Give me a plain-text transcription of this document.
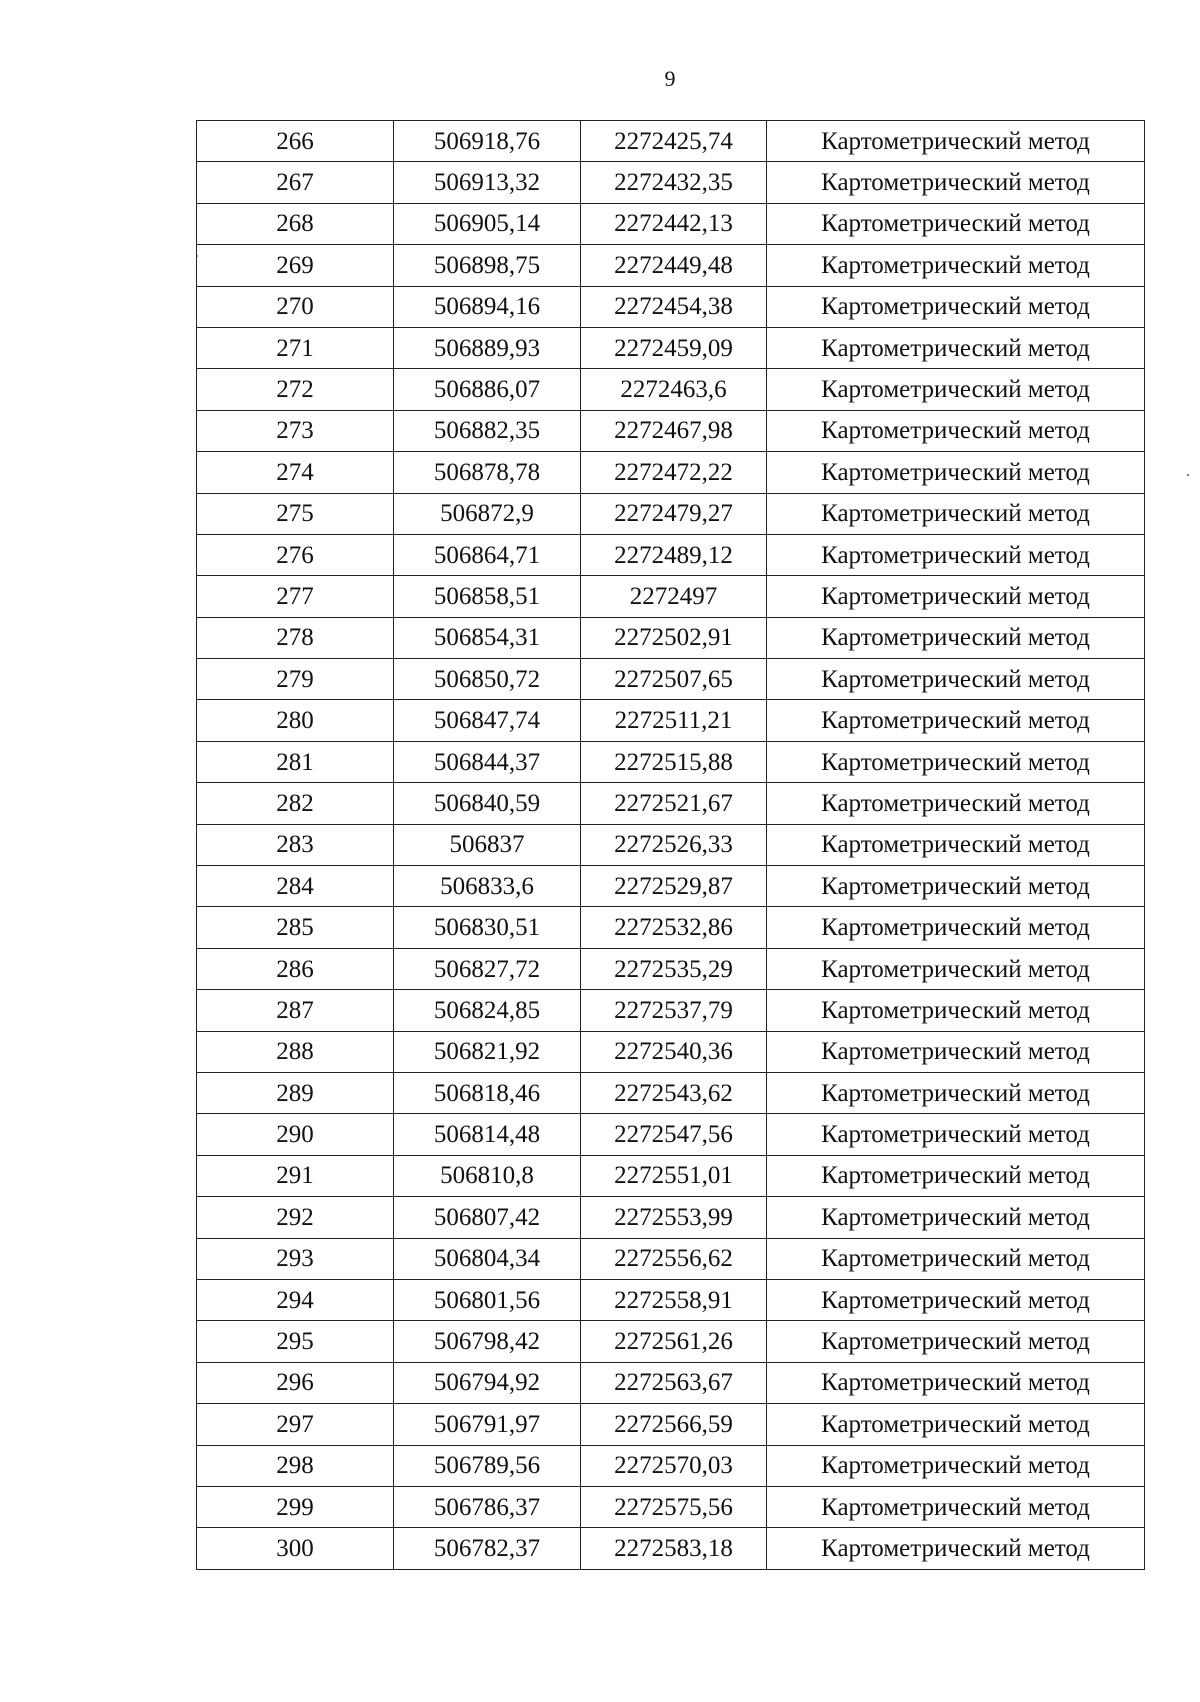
9
266	506918,76	2272425,74	Картометрический метод
267	506913,32	2272432,35	Картометрический метод
268	506905,14	2272442,13	Картометрический метод
269	506898,75	2272449,48	Картометрический метод
270	506894,16	2272454,38	Картометрический метод
271	506889,93	2272459,09	Картометрический метод
272	506886,07	2272463,6	Картометрический метод
273	506882,35	2272467,98	Картометрический метод
274	506878,78	2272472,22	Картометрический метод
275	506872,9	2272479,27	Картометрический метод
276	506864,71	2272489,12	Картометрический метод
277	506858,51	2272497	Картометрический метод
278	506854,31	2272502,91	Картометрический метод
279	506850,72	2272507,65	Картометрический метод
280	506847,74	2272511,21	Картометрический метод
281	506844,37	2272515,88	Картометрический метод
282	506840,59	2272521,67	Картометрический метод
283	506837	2272526,33	Картометрический метод
284	506833,6	2272529,87	Картометрический метод
285	506830,51	2272532,86	Картометрический метод
286	506827,72	2272535,29	Картометрический метод
287	506824,85	2272537,79	Картометрический метод
288	506821,92	2272540,36	Картометрический метод
289	506818,46	2272543,62	Картометрический метод
290	506814,48	2272547,56	Картометрический метод
291	506810,8	2272551,01	Картометрический метод
292	506807,42	2272553,99	Картометрический метод
293	506804,34	2272556,62	Картометрический метод
294	506801,56	2272558,91	Картометрический метод
295	506798,42	2272561,26	Картометрический метод
296	506794,92	2272563,67	Картометрический метод
297	506791,97	2272566,59	Картометрический метод
298	506789,56	2272570,03	Картометрический метод
299	506786,37	2272575,56	Картометрический метод
300	506782,37	2272583,18	Картометрический метод
